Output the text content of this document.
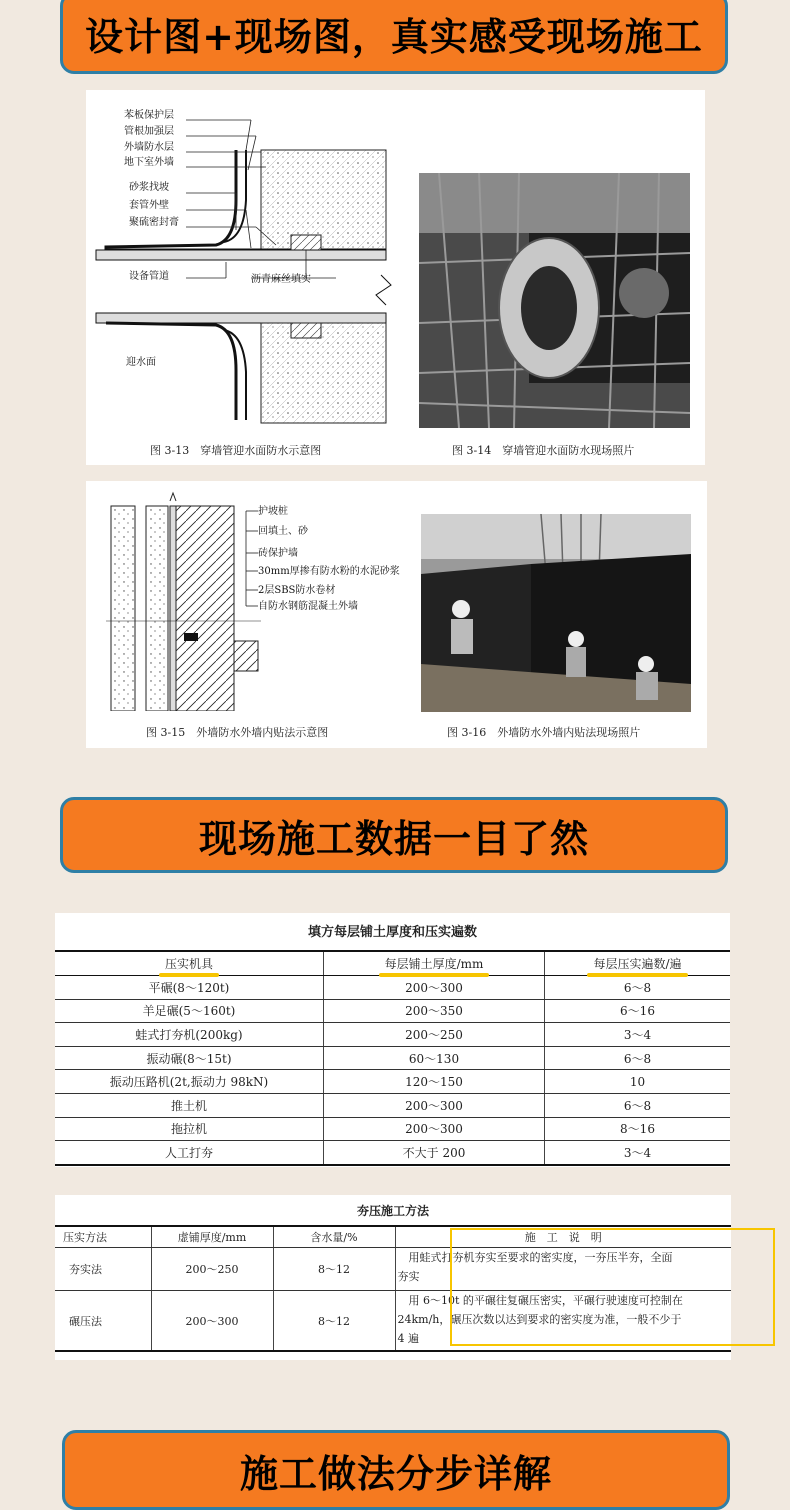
设计图+现场图，真实感受现场施工
苯板保护层
管根加强层
外墙防水层
地下室外墙
砂浆找坡
套管外壁
聚硫密封膏
设备管道	沥青麻丝填实
迎水面
图 3-13　穿墙管迎水面防水示意图	图 3-14　穿墙管迎水面防水现场照片
护坡桩
回填土、砂
砖保护墙
30mm厚掺有防水粉的水泥砂浆
2层SBS防水卷材
自防水钢筋混凝土外墙
图 3-15　外墙防水外墙内贴法示意图	图 3-16　外墙防水外墙内贴法现场照片
现场施工数据一目了然
填方每层铺土厚度和压实遍数
压实机具	每层铺土厚度/mm	每层压实遍数/遍
平碾(8～120t)	200～300	6～8
羊足碾(5～160t)	200～350	6～16
蛙式打夯机(200kg)	200～250	3～4
振动碾(8～15t)	60～130	6～8
振动压路机(2t,振动力 98kN)	120～150	10
推土机	200～300	6～8
拖拉机	200～300	8～16
人工打夯	不大于 200	3～4
夯压施工方法
压实方法	虚铺厚度/mm	含水量/%	施　工　说　明
夯实法	200～250	8～12	　用蛙式打夯机夯实至要求的密实度，一夯压半夯，全面
夯实

碾压法	200～300	8～12	　用 6～10t 的平碾往复碾压密实，平碾行驶速度可控制在
24km/h，碾压次数以达到要求的密实度为准，一般不少于
4 遍
施工做法分步详解
